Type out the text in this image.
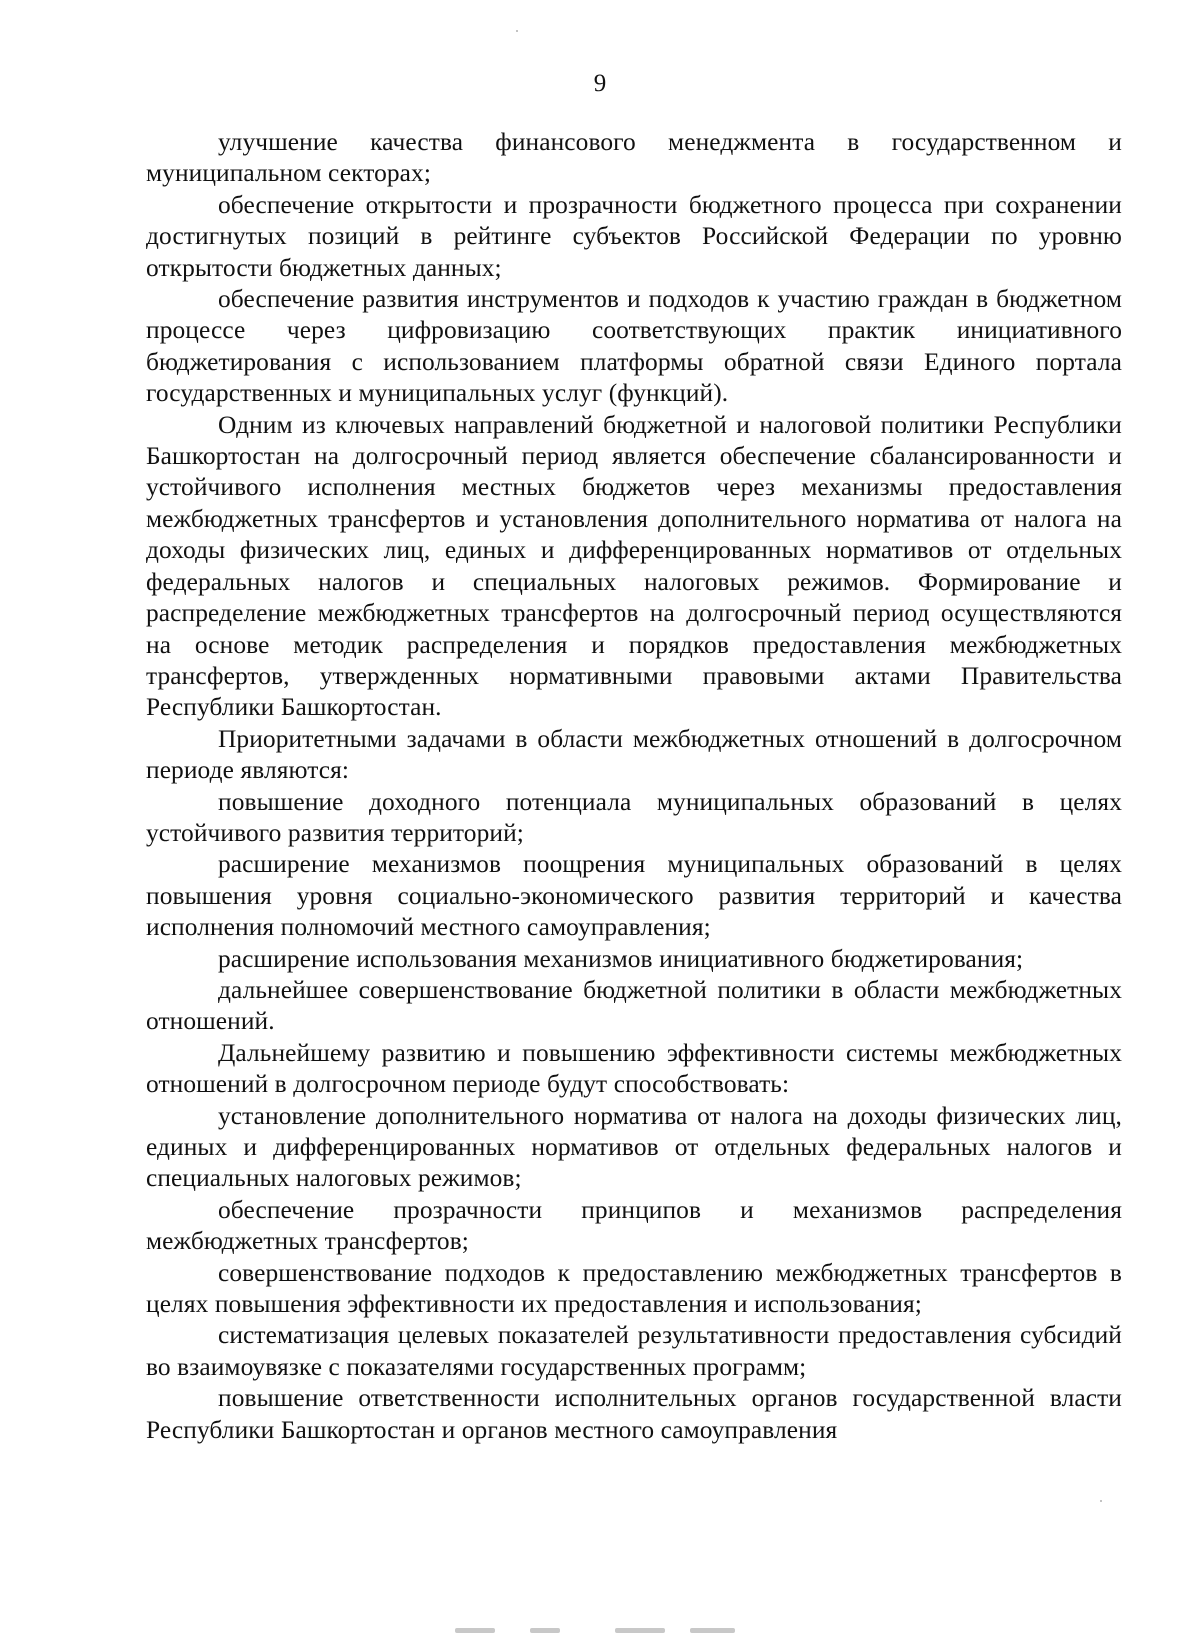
9

улучшение качества финансового менеджмента в государственном и муниципальном секторах;

обеспечение открытости и прозрачности бюджетного процесса при сохранении достигнутых позиций в рейтинге субъектов Российской Федерации по уровню открытости бюджетных данных;

обеспечение развития инструментов и подходов к участию граждан в бюджетном процессе через цифровизацию соответствующих практик инициативного бюджетирования с использованием платформы обратной связи Единого портала государственных и муниципальных услуг (функций).

Одним из ключевых направлений бюджетной и налоговой политики Республики Башкортостан на долгосрочный период является обеспечение сбалансированности и устойчивого исполнения местных бюджетов через механизмы предоставления межбюджетных трансфертов и установления дополнительного норматива от налога на доходы физических лиц, единых и дифференцированных нормативов от отдельных федеральных налогов и специальных налоговых режимов. Формирование и распределение межбюджетных трансфертов на долгосрочный период осуществляются на основе методик распределения и порядков предоставления межбюджетных трансфертов, утвержденных нормативными правовыми актами Правительства Республики Башкортостан.

Приоритетными задачами в области межбюджетных отношений в долгосрочном периоде являются:

повышение доходного потенциала муниципальных образований в целях устойчивого развития территорий;

расширение механизмов поощрения муниципальных образований в целях повышения уровня социально-экономического развития территорий и качества исполнения полномочий местного самоуправления;

расширение использования механизмов инициативного бюджетирования;

дальнейшее совершенствование бюджетной политики в области межбюджетных отношений.

Дальнейшему развитию и повышению эффективности системы межбюджетных отношений в долгосрочном периоде будут способствовать:

установление дополнительного норматива от налога на доходы физических лиц, единых и дифференцированных нормативов от отдельных федеральных налогов и специальных налоговых режимов;

обеспечение прозрачности принципов и механизмов распределения межбюджетных трансфертов;

совершенствование подходов к предоставлению межбюджетных трансфертов в целях повышения эффективности их предоставления и использования;

систематизация целевых показателей результативности предоставления субсидий во взаимоувязке с показателями государственных программ;

повышение ответственности исполнительных органов государственной власти Республики Башкортостан и органов местного самоуправления
